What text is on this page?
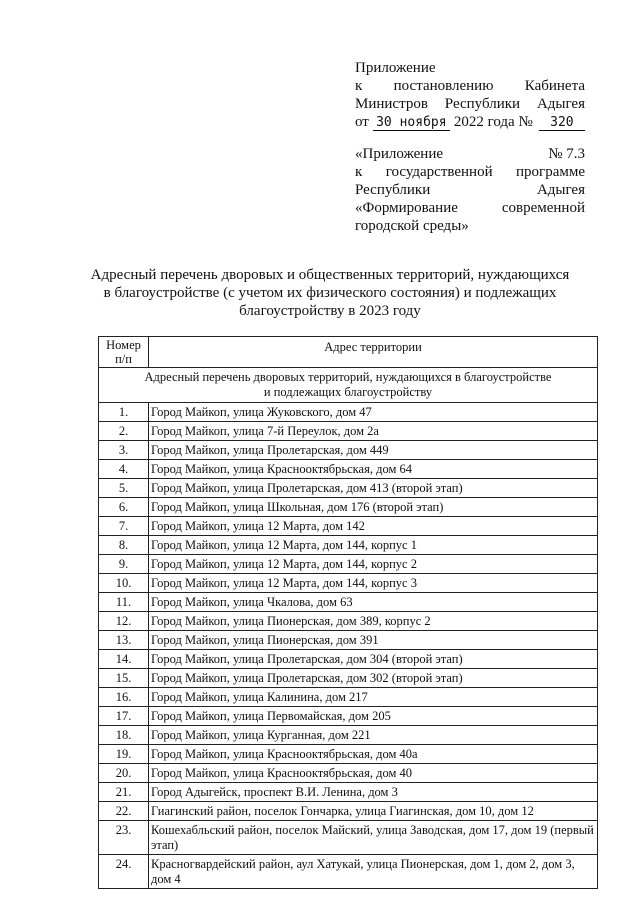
Приложение
к постановлению Кабинета
Министров Республики Адыгея
от 30 ноября 2022 года №	320
«Приложение	№ 7.3
к государственной программе
Республики	Адыгея
«Формирование	современной
городской среды»
Адресный перечень дворовых и общественных территорий, нуждающихся
в благоустройстве (с учетом их физического состояния) и подлежащих
благоустройству в 2023 году
Номер
п/п	Адрес территории

Адресный перечень дворовых территорий, нуждающихся в благоустройстве
и подлежащих благоустройству	

1.	Город Майкоп, улица Жуковского, дом 47
2.	Город Майкоп, улица 7-й Переулок, дом 2а
3.	Город Майкоп, улица Пролетарская, дом 449
4.	Город Майкоп, улица Краснооктябрьская, дом 64
5.	Город Майкоп, улица Пролетарская, дом 413 (второй этап)
6.	Город Майкоп, улица Школьная, дом 176 (второй этап)
7.	Город Майкоп, улица 12 Марта, дом 142
8.	Город Майкоп, улица 12 Марта, дом 144, корпус 1
9.	Город Майкоп, улица 12 Марта, дом 144, корпус 2
10.	Город Майкоп, улица 12 Марта, дом 144, корпус 3
11.	Город Майкоп, улица Чкалова, дом 63
12.	Город Майкоп, улица Пионерская, дом 389, корпус 2
13.	Город Майкоп, улица Пионерская, дом 391
14.	Город Майкоп, улица Пролетарская, дом 304 (второй этап)
15.	Город Майкоп, улица Пролетарская, дом 302 (второй этап)
16.	Город Майкоп, улица Калинина, дом 217
17.	Город Майкоп, улица Первомайская, дом 205
18.	Город Майкоп, улица Курганная, дом 221
19.	Город Майкоп, улица Краснооктябрьская, дом 40а
20.	Город Майкоп, улица Краснооктябрьская, дом 40
21.	Город Адыгейск, проспект В.И. Ленина, дом 3
22.	Гиагинский район, поселок Гончарка, улица Гиагинская, дом 10, дом 12
23.	Кошехабльский район, поселок Майский, улица Заводская, дом 17, дом 19 (первый этап)
24.	Красногвардейский район, аул Хатукай, улица Пионерская, дом 1, дом 2, дом 3, дом 4
